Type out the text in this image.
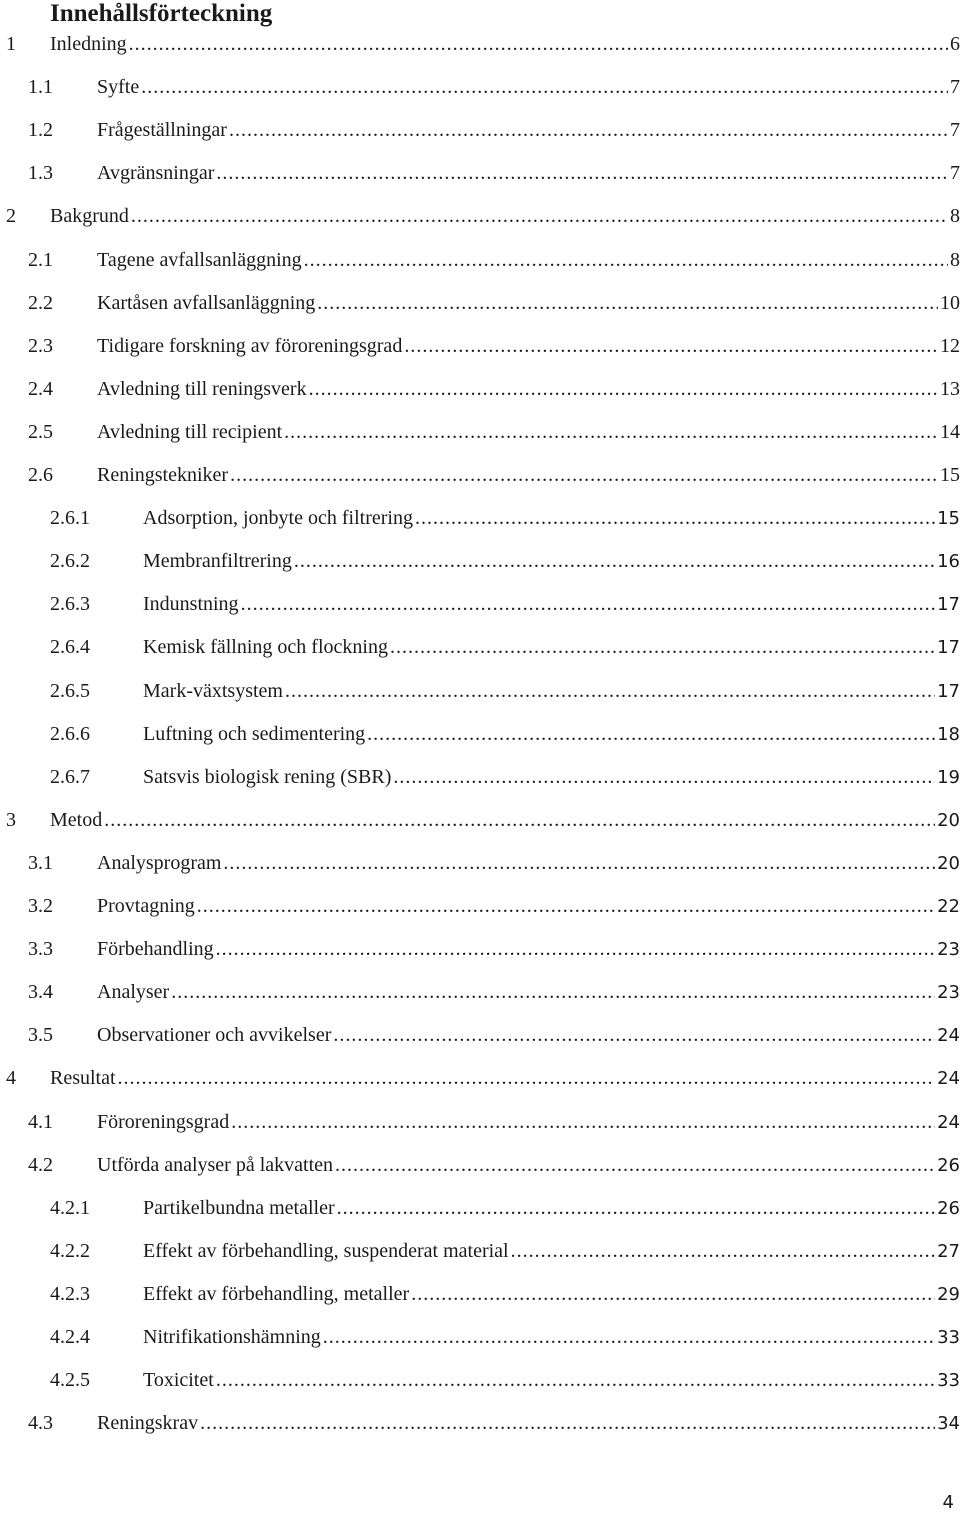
Innehållsförteckning
1 Inledning .....	6
1.1 Syfte .....	7
1.2 Frågeställningar .....	7
1.3 Avgränsningar .....	7
2 Bakgrund .....	8
2.1 Tagene avfallsanläggning .....	8
2.2 Kartåsen avfallsanläggning .....	10
2.3 Tidigare forskning av föroreningsgrad .....	12
2.4 Avledning till reningsverk .....	13
2.5 Avledning till recipient .....	14
2.6 Reningstekniker .....	15
2.6.1	Adsorption, jonbyte och filtrering .....	15
2.6.2	Membranfiltrering .....	16
2.6.3	Indunstning .....	17
2.6.4	Kemisk fällning och flockning .....	17
2.6.5	Mark-växtsystem .....	17
2.6.6	Luftning och sedimentering .....	18
2.6.7	Satsvis biologisk rening (SBR) .....	19
3 Metod .....	20
3.1 Analysprogram .....	20
3.2 Provtagning .....	22
3.3 Förbehandling .....	23
3.4 Analyser .....	23
3.5 Observationer och avvikelser .....	24
4 Resultat .....	24
4.1 Föroreningsgrad .....	24
4.2 Utförda analyser på lakvatten .....	26
4.2.1	Partikelbundna metaller .....	26
4.2.2	Effekt av förbehandling, suspenderat material .....	27
4.2.3	Effekt av förbehandling, metaller .....	29
4.2.4	Nitrifikationshämning .....	33
4.2.5	Toxicitet .....	33
4.3 Reningskrav .....	34
4
